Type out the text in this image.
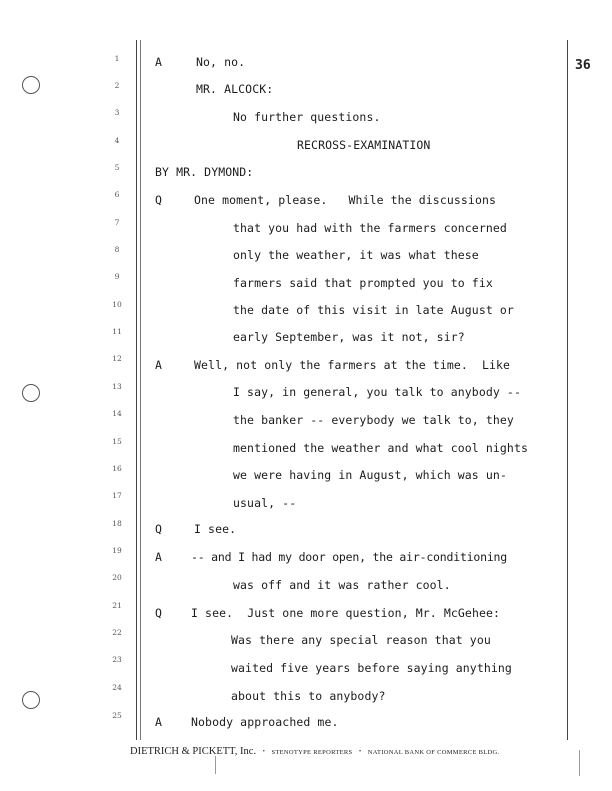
36
1
2
3
4
5
6
7
8
9
10
11
12
13
14
15
16
17
18
19
20
21
22
23
24
25
A	No, no.
MR. ALCOCK:
No further questions.
RECROSS-EXAMINATION
BY MR. DYMOND:
Q	One moment, please.   While the discussions
that you had with the farmers concerned
only the weather, it was what these
farmers said that prompted you to fix
the date of this visit in late August or
early September, was it not, sir?
A	Well, not only the farmers at the time.  Like
I say, in general, you talk to anybody --
the banker -- everybody we talk to, they
mentioned the weather and what cool nights
we were having in August, which was un-
usual, --
Q	I see.
A	-- and I had my door open, the air-conditioning
was off and it was rather cool.
Q	I see.  Just one more question, Mr. McGehee:
Was there any special reason that you
waited five years before saying anything
about this to anybody?
A	Nobody approached me.
DIETRICH & PICKETT, Inc. • STENOTYPE REPORTERS • NATIONAL BANK OF COMMERCE BLDG.
